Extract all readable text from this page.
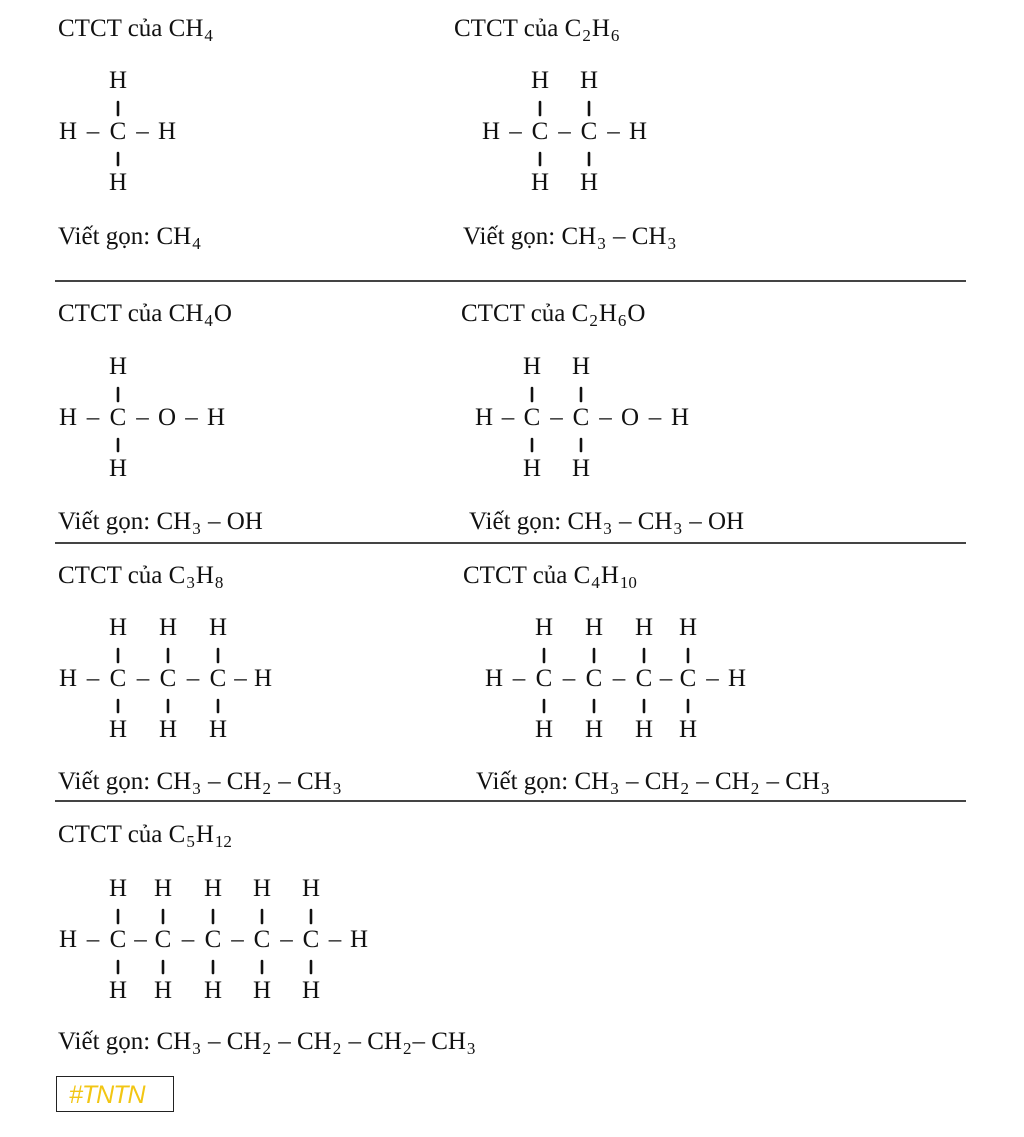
CTCT của $CH_4$
Viết gọn: $CH_4$
CTCT của $C_2H_6$
Viết gọn: $CH_3 - CH_3$
CTCT của $CH_4O$
Viết gọn: $CH_3$ – OH
CTCT của $C_2H_6O$
Viết gọn: $CH_3 - CH_3$ – OH
CTCT của $C_3H_8$
Viết gọn: $CH_3 - CH_2 - CH_3$
CTCT của $C_4H_{10}$
Viết gọn: $CH_3 - CH_2 - CH_2 - CH_3$
CTCT của $C_5H_{12}$
Viết gọn: $CH_3 - CH_2 - CH_2 - CH_2-$ $CH_3$
H – C
H
H
– H	H – C
H
H
– C
H
H
– H
H – C
H
H
– O – H	H – C
H
H
– C
H
H
– O – H
H – C
H
H
– C
H
H
– C
H
H
– H	H – C
H
H
– C
H
H
– C
H
H
– C
H
H
– H
H – C
H
H
– C
H
H
– C
H
H
– C
H
H
– C
H
H
– H
#TNTN
